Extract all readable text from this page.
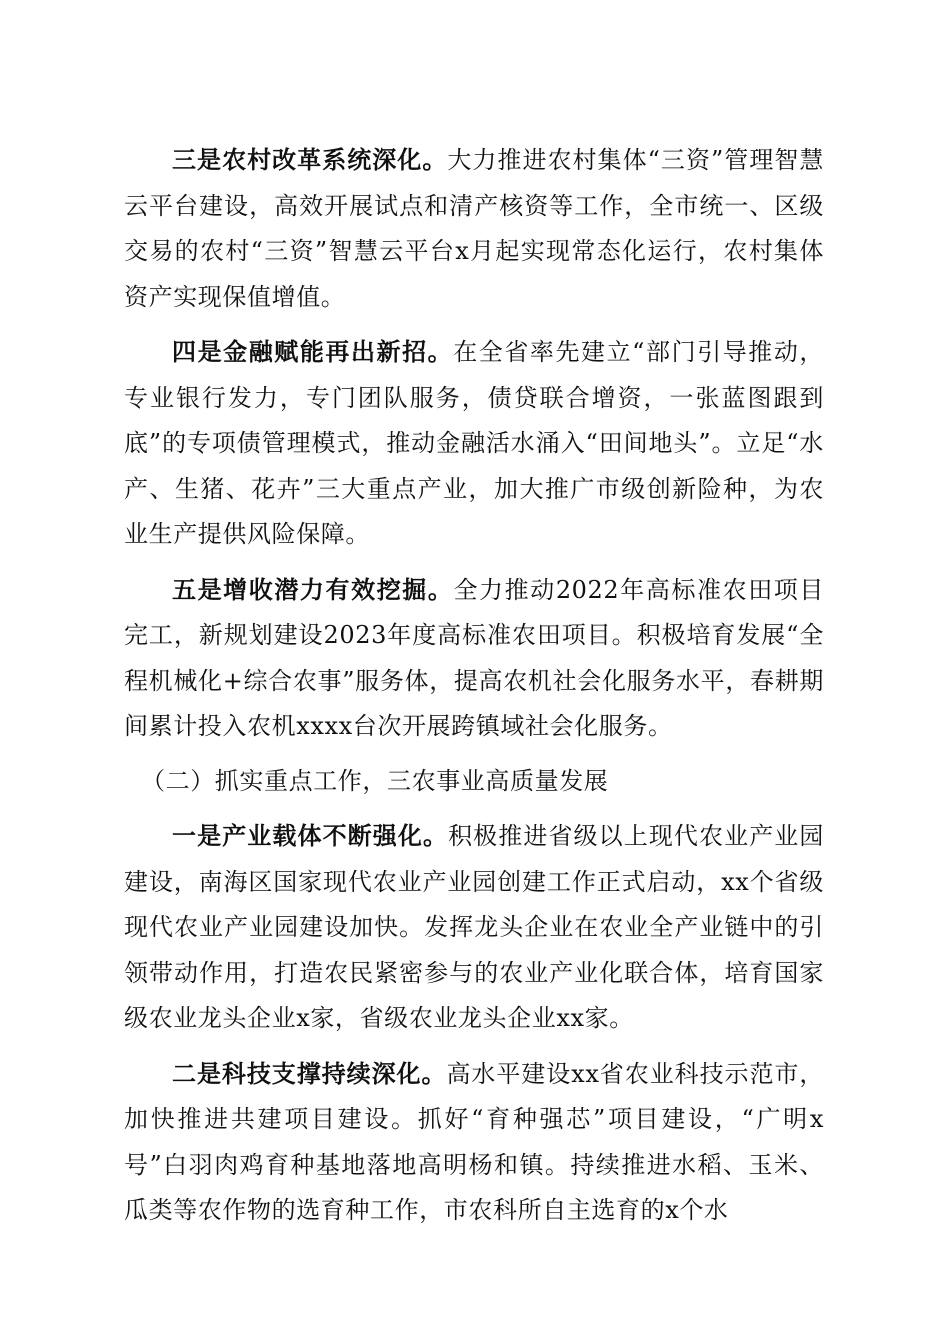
三是农村改革系统深化。大力推进农村集体“三资”管理智慧云平台建设，高效开展试点和清产核资等工作，全市统一、区级交易的农村“三资”智慧云平台x月起实现常态化运行，农村集体资产实现保值增值。

四是金融赋能再出新招。在全省率先建立“部门引导推动，专业银行发力，专门团队服务，债贷联合增资，一张蓝图跟到底”的专项债管理模式，推动金融活水涌入“田间地头”。立足“水产、生猪、花卉”三大重点产业，加大推广市级创新险种，为农业生产提供风险保障。

五是增收潜力有效挖掘。全力推动2022年高标准农田项目完工，新规划建设2023年度高标准农田项目。积极培育发展“全程机械化+综合农事”服务体，提高农机社会化服务水平，春耕期间累计投入农机xxxx台次开展跨镇域社会化服务。

（二）抓实重点工作，三农事业高质量发展

一是产业载体不断强化。积极推进省级以上现代农业产业园建设，南海区国家现代农业产业园创建工作正式启动，xx个省级现代农业产业园建设加快。发挥龙头企业在农业全产业链中的引领带动作用，打造农民紧密参与的农业产业化联合体，培育国家级农业龙头企业x家，省级农业龙头企业xx家。

二是科技支撑持续深化。高水平建设xx省农业科技示范市，加快推进共建项目建设。抓好“育种强芯”项目建设，“广明x号”白羽肉鸡育种基地落地高明杨和镇。持续推进水稻、玉米、瓜类等农作物的选育种工作，市农科所自主选育的x个水
